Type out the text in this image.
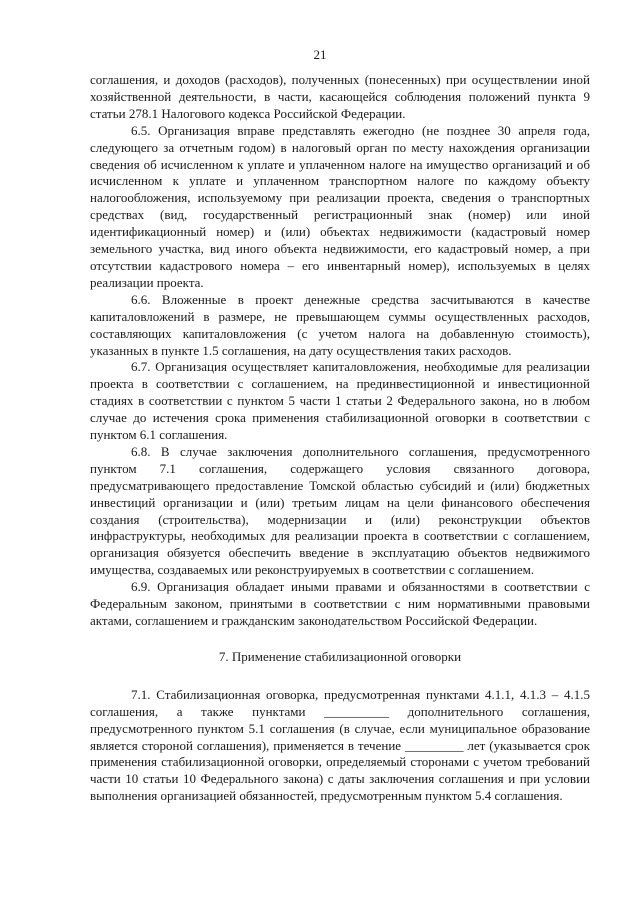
21

соглашения, и доходов (расходов), полученных (понесенных) при осуществлении иной хозяйственной деятельности, в части, касающейся соблюдения положений пункта 9 статьи 278.1 Налогового кодекса Российской Федерации.

6.5. Организация вправе представлять ежегодно (не позднее 30 апреля года, следующего за отчетным годом) в налоговый орган по месту нахождения организации сведения об исчисленном к уплате и уплаченном налоге на имущество организаций и об исчисленном к уплате и уплаченном транспортном налоге по каждому объекту налогообложения, используемому при реализации проекта, сведения о транспортных средствах (вид, государственный регистрационный знак (номер) или иной идентификационный номер) и (или) объектах недвижимости (кадастровый номер земельного участка, вид иного объекта недвижимости, его кадастровый номер, а при отсутствии кадастрового номера – его инвентарный номер), используемых в целях реализации проекта.

6.6. Вложенные в проект денежные средства засчитываются в качестве капиталовложений в размере, не превышающем суммы осуществленных расходов, составляющих капиталовложения (с учетом налога на добавленную стоимость), указанных в пункте 1.5 соглашения, на дату осуществления таких расходов.

6.7. Организация осуществляет капиталовложения, необходимые для реализации проекта в соответствии с соглашением, на прединвестиционной и инвестиционной стадиях в соответствии с пунктом 5 части 1 статьи 2 Федерального закона, но в любом случае до истечения срока применения стабилизационной оговорки в соответствии с пунктом 6.1 соглашения.

6.8. В случае заключения дополнительного соглашения, предусмотренного пунктом 7.1 соглашения, содержащего условия связанного договора, предусматривающего предоставление Томской областью субсидий и (или) бюджетных инвестиций организации и (или) третьим лицам на цели финансового обеспечения создания (строительства), модернизации и (или) реконструкции объектов инфраструктуры, необходимых для реализации проекта в соответствии с соглашением, организация обязуется обеспечить введение в эксплуатацию объектов недвижимого имущества, создаваемых или реконструируемых в соответствии с соглашением.

6.9. Организация обладает иными правами и обязанностями в соответствии с Федеральным законом, принятыми в соответствии с ним нормативными правовыми актами, соглашением и гражданским законодательством Российской Федерации.

7. Применение стабилизационной оговорки

7.1. Стабилизационная оговорка, предусмотренная пунктами 4.1.1, 4.1.3 – 4.1.5 соглашения, а также пунктами __________ дополнительного соглашения, предусмотренного пунктом 5.1 соглашения (в случае, если муниципальное образование является стороной соглашения), применяется в течение _________ лет (указывается срок применения стабилизационной оговорки, определяемый сторонами с учетом требований части 10 статьи 10 Федерального закона) с даты заключения соглашения и при условии выполнения организацией обязанностей, предусмотренным пунктом 5.4 соглашения.
